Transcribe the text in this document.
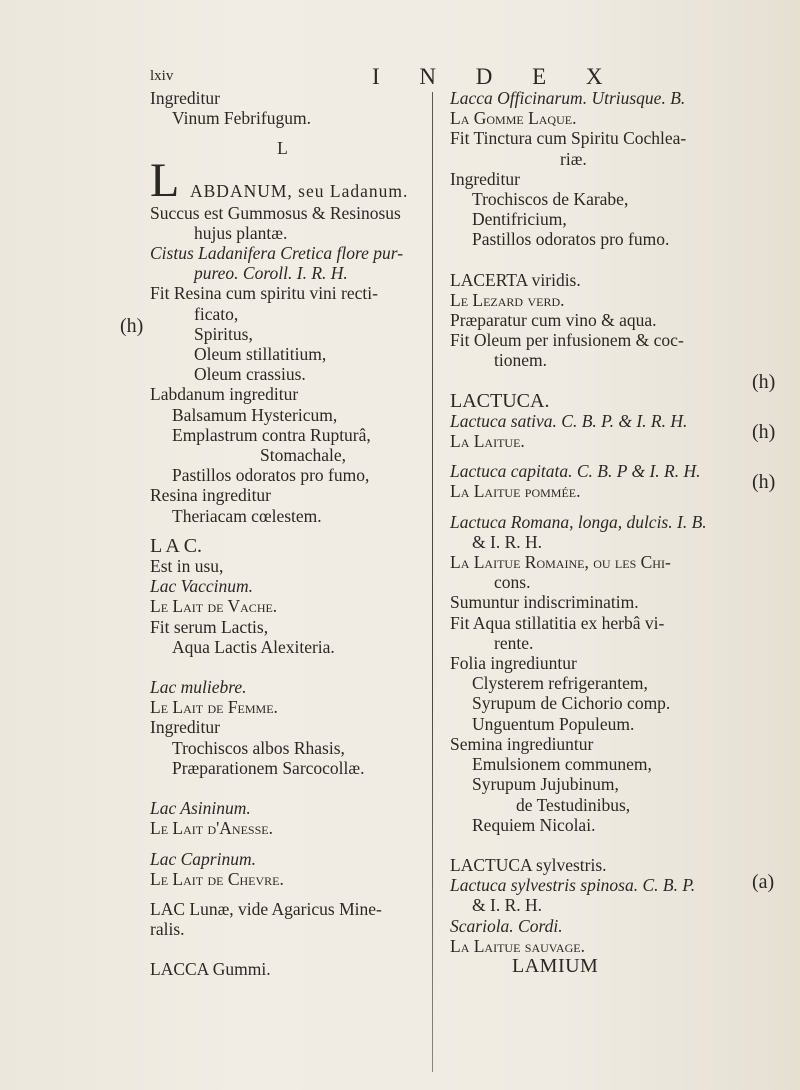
lxiv	I N D E X
Ingreditur
Vinum Febrifugum.
L
L ABDANUM, seu Ladanum.
Succus est Gummosus & Resinosus
hujus plantæ.
Cistus Ladanifera Cretica flore pur-
pureo. Coroll. I. R. H.
Fit Resina cum spiritu vini recti-
ficato,
Spiritus,
Oleum stillatitium,
Oleum crassius.
Labdanum ingreditur
Balsamum Hystericum,
Emplastrum contra Rupturâ,
Stomachale,
Pastillos odoratos pro fumo,
Resina ingreditur
Theriacam cœlestem.
L A C.
Est in usu,
Lac Vaccinum.
Le Lait de Vache.
Fit serum Lactis,
Aqua Lactis Alexiteria.
Lac muliebre.
Le Lait de Femme.
Ingreditur
Trochiscos albos Rhasis,
Præparationem Sarcocollæ.
Lac Asininum.
Le Lait d'Anesse.
Lac Caprinum.
Le Lait de Chevre.
LAC Lunæ, vide Agaricus Mine-
ralis.
LACCA Gummi.
Lacca Officinarum. Utriusque. B.
La Gomme Laque.
Fit Tinctura cum Spiritu Cochlea-
riæ.
Ingreditur
Trochiscos de Karabe,
Dentifricium,
Pastillos odoratos pro fumo.
LACERTA viridis.
Le Lezard verd.
Præparatur cum vino & aqua.
Fit Oleum per infusionem & coc-
tionem.
LACTUCA.
Lactuca sativa. C. B. P. & I. R. H.
La Laitue.
Lactuca capitata. C. B. P & I. R. H.
La Laitue pommée.
Lactuca Romana, longa, dulcis. I. B.
& I. R. H.
La Laitue Romaine, ou les Chi-
cons.
Sumuntur indiscriminatim.
Fit Aqua stillatitia ex herbâ vi-
rente.
Folia ingrediuntur
Clysterem refrigerantem,
Syrupum de Cichorio comp.
Unguentum Populeum.
Semina ingrediuntur
Emulsionem communem,
Syrupum Jujubinum,
de Testudinibus,
Requiem Nicolai.
LACTUCA sylvestris.
Lactuca sylvestris spinosa. C. B. P.
& I. R. H.
Scariola. Cordi.
La Laitue sauvage.
LAMIUM
(h)
(h)
(h)
(h)
(a)
